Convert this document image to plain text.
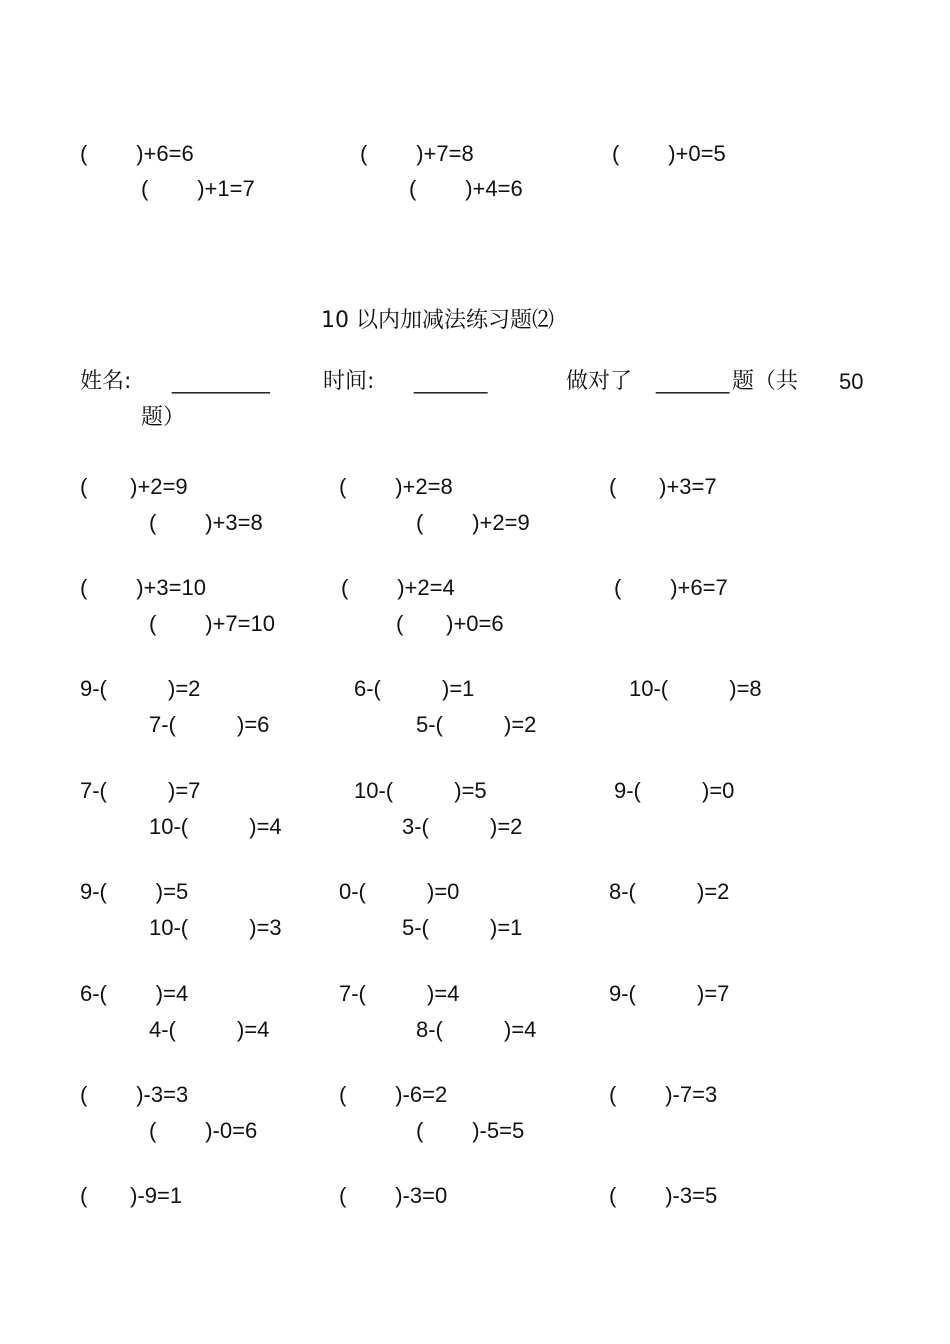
(        )+6=6	(        )+7=8	(        )+0=5
(        )+1=7	(        )+4=6
10 以内加减法练习题⑵
姓名: ________ 时间: ______	做对了 ______ 题（共 50
题）
(       )+2=9	(        )+2=8	(       )+3=7
(        )+3=8	(        )+2=9
(        )+3=10	(        )+2=4	(        )+6=7
(        )+7=10	(       )+0=6
9-(          )=2	6-(          )=1	10-(          )=8
7-(          )=6	5-(          )=2
7-(          )=7	10-(          )=5	9-(          )=0
10-(          )=4	3-(          )=2
9-(        )=5	0-(          )=0	8-(          )=2
10-(          )=3	5-(          )=1
6-(        )=4	7-(          )=4	9-(          )=7
4-(          )=4	8-(          )=4
(        )-3=3	(        )-6=2	(        )-7=3
(        )-0=6	(        )-5=5
(       )-9=1	(        )-3=0	(        )-3=5
